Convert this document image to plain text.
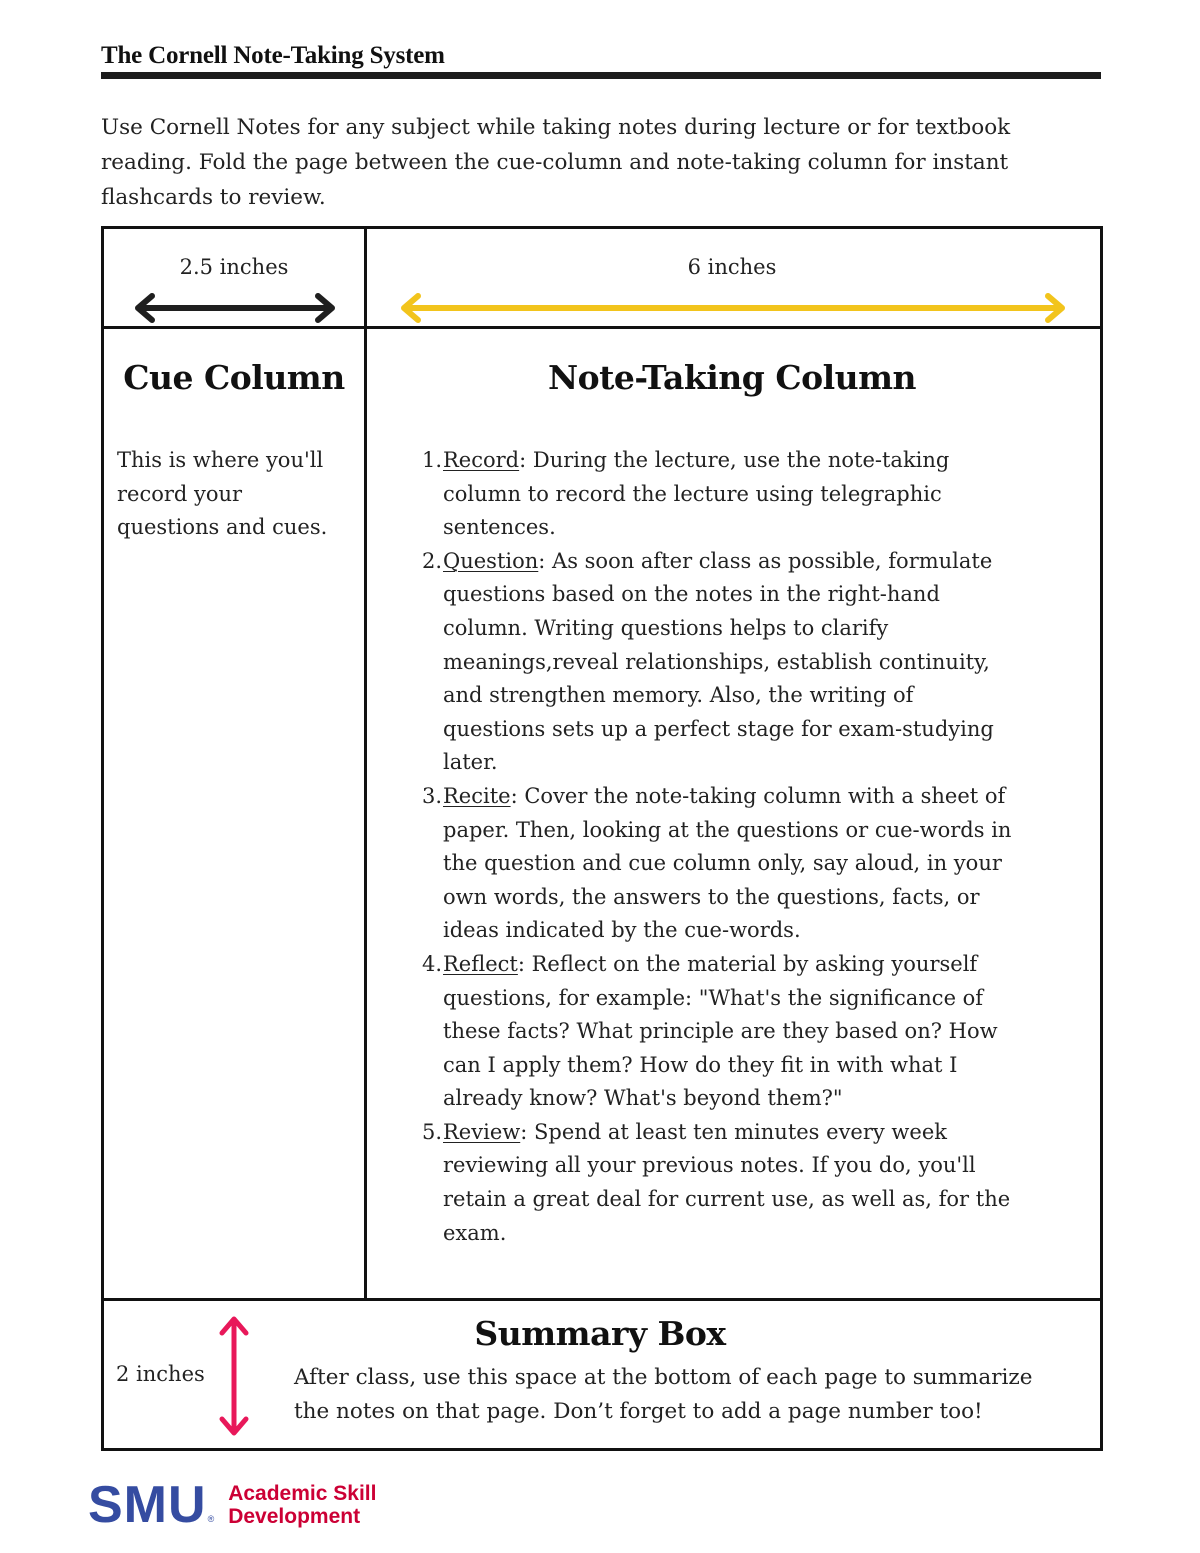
The Cornell Note-Taking System

Use Cornell Notes for any subject while taking notes during lecture or for textbook
reading. Fold the page between the cue-column and note-taking column for instant
flashcards to review.

2.5 inches	6 inches
Cue Column	Note-Taking Column

This is where you'll
record your
questions and cues.

1. Record: During the lecture, use the note-taking
column to record the lecture using telegraphic
sentences.
2. Question: As soon after class as possible, formulate
questions based on the notes in the right-hand
column. Writing questions helps to clarify
meanings,reveal relationships, establish continuity,
and strengthen memory. Also, the writing of
questions sets up a perfect stage for exam-studying
later.
3. Recite: Cover the note-taking column with a sheet of
paper. Then, looking at the questions or cue-words in
the question and cue column only, say aloud, in your
own words, the answers to the questions, facts, or
ideas indicated by the cue-words.
4. Reflect: Reflect on the material by asking yourself
questions, for example: "What's the significance of
these facts? What principle are they based on? How
can I apply them? How do they fit in with what I
already know? What's beyond them?"
5. Review: Spend at least ten minutes every week
reviewing all your previous notes. If you do, you'll
retain a great deal for current use, as well as, for the
exam.
2 inches
Summary Box

After class, use this space at the bottom of each page to summarize
the notes on that page. Don’t forget to add a page number too!

SMU ®
Academic Skill
Development
